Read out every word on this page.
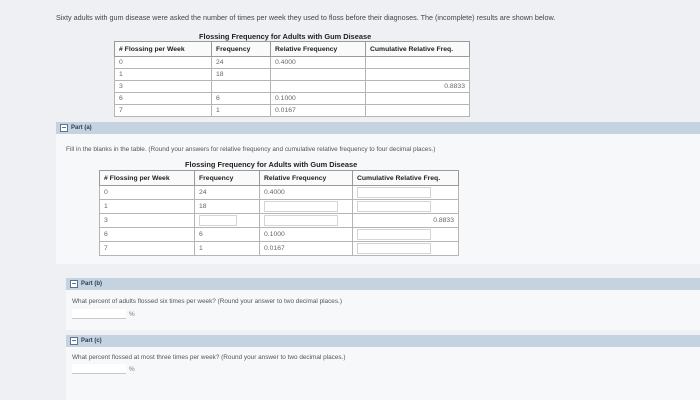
Sixty adults with gum disease were asked the number of times per week they used to floss before their diagnoses. The (incomplete) results are shown below.
Flossing Frequency for Adults with Gum Disease
# Flossing per Week	Frequency	Relative Frequency	Cumulative Relative Freq.
0	24	0.4000	
1	18		
3			0.8833
6	6	0.1000	
7	1	0.0167	
Part (a)
Fill in the blanks in the table. (Round your answers for relative frequency and cumulative relative frequency to four decimal places.)
Flossing Frequency for Adults with Gum Disease
# Flossing per Week	Frequency	Relative Frequency	Cumulative Relative Freq.
0	24	0.4000	
1	18		
3			0.8833
6	6	0.1000	
7	1	0.0167	
Part (b)
What percent of adults flossed six times per week? (Round your answer to two decimal places.)
%
Part (c)
What percent flossed at most three times per week? (Round your answer to two decimal places.)
%
